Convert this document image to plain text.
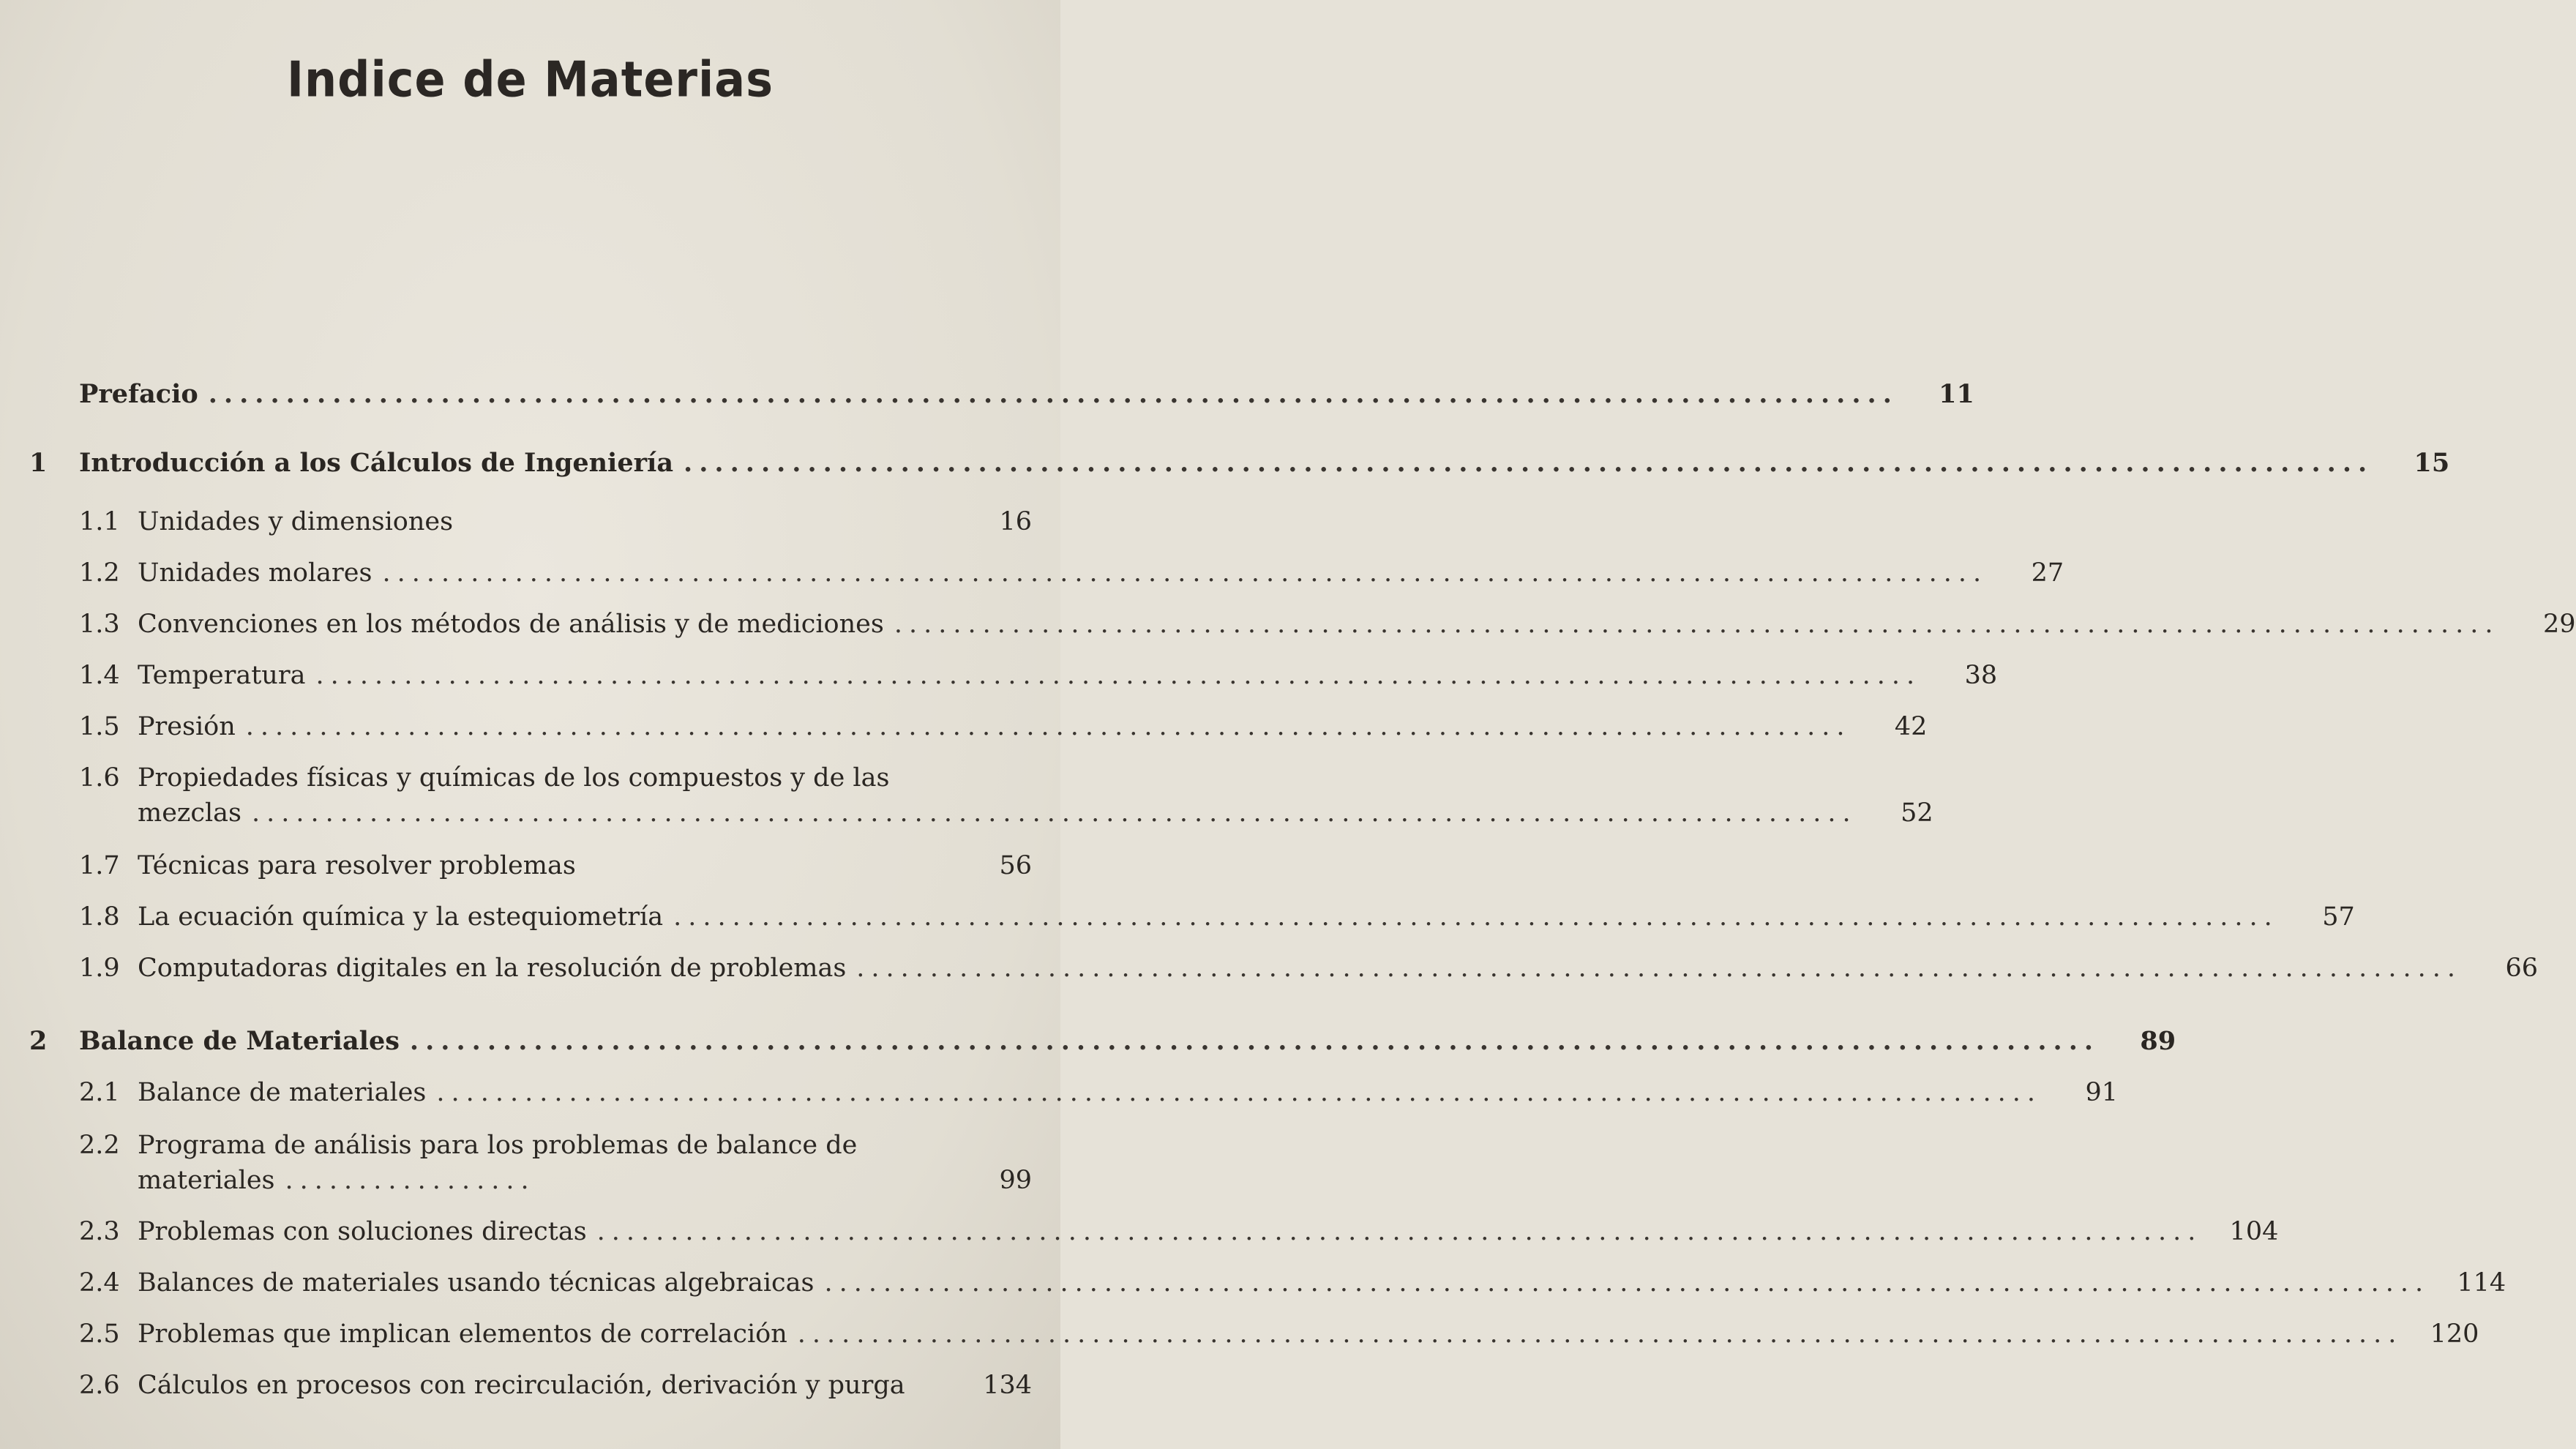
Indice de Materias
Prefacio .............................................................................................................	11
1	Introducción a los Cálculos de Ingeniería .............................................................................................................	15
1.1 Unidades y dimensiones	16
1.2 Unidades molares .............................................................................................................	27
1.3 Convenciones en los métodos de análisis y de mediciones .............................................................................................................	29
1.4 Temperatura .............................................................................................................	38
1.5 Presión .............................................................................................................	42
1.6 Propiedades físicas y químicas de los compuestos y de las
mezclas .............................................................................................................	52
1.7 Técnicas para resolver problemas	56
1.8 La ecuación química y la estequiometría .............................................................................................................	57
1.9 Computadoras digitales en la resolución de problemas .............................................................................................................	66
2	Balance de Materiales .............................................................................................................	89
2.1 Balance de materiales .............................................................................................................	91
2.2 Programa de análisis para los problemas de balance de
materiales .................	99
2.3 Problemas con soluciones directas .............................................................................................................	104
2.4 Balances de materiales usando técnicas algebraicas .............................................................................................................	114
2.5 Problemas que implican elementos de correlación .............................................................................................................	120
2.6 Cálculos en procesos con recirculación, derivación y purga	134
